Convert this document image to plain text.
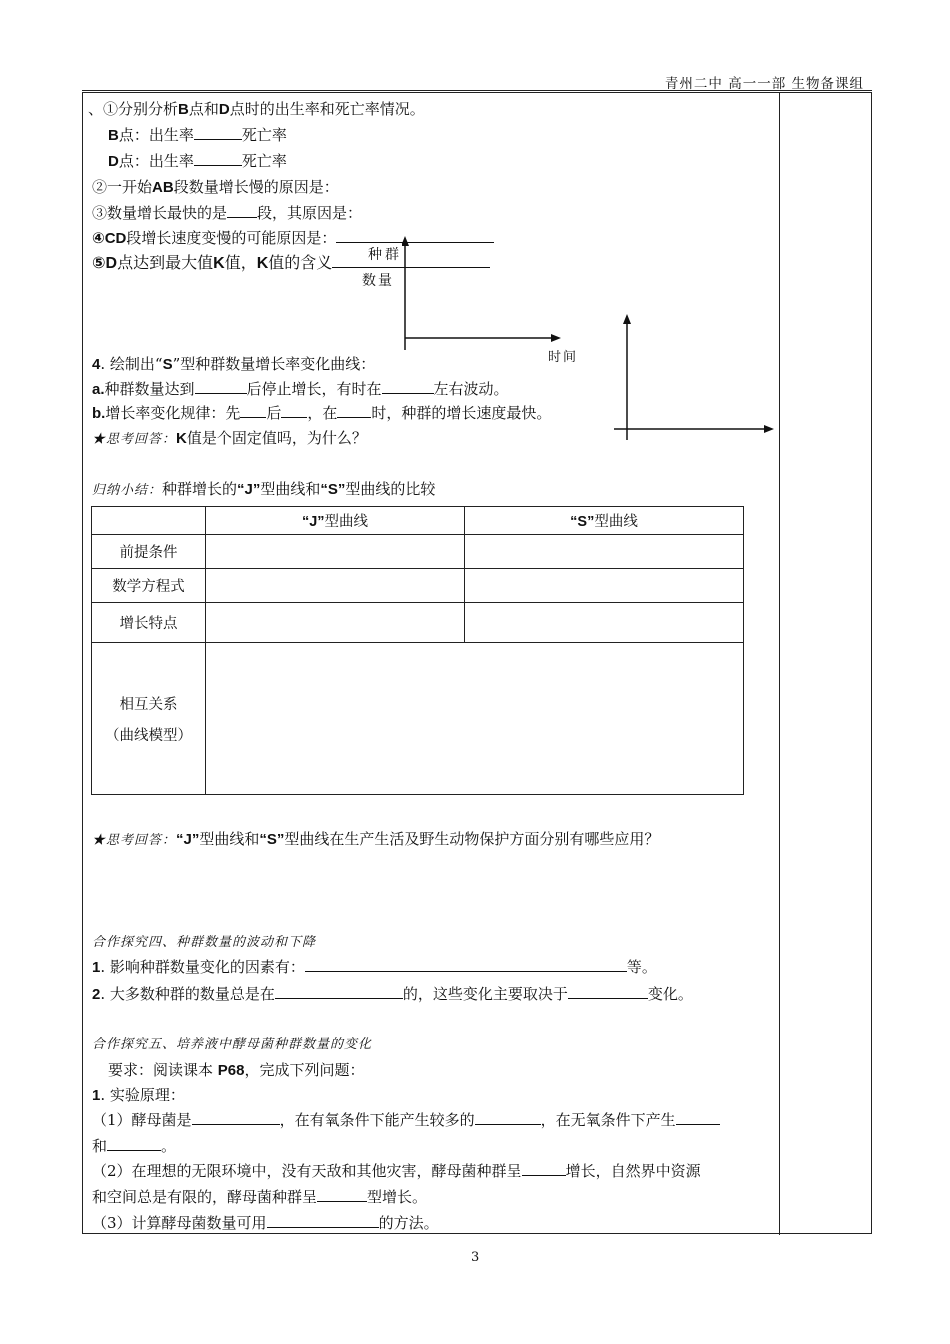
青州二中 高一一部 生物备课组
、①分别分析B点和D点时的出生率和死亡率情况。
B点：出生率	死亡率
D点：出生率	死亡率
②一开始AB段数量增长慢的原因是：
③数量增长最快的是 段，其原因是：
④CD段增长速度变慢的可能原因是：
⑤D点达到最大值K值，K值的含义	种群
数量
时间
4. 绘制出“S”型种群数量增长率变化曲线：
a.种群数量达到	后停止增长，有时在	左右波动。
b.增长率变化规律：先 后 ，在 时，种群的增长速度最快。
★思考回答：K值是个固定值吗，为什么？
归纳小结：种群增长的“J”型曲线和“S”型曲线的比较
	“J”型曲线	“S”型曲线
前提条件		
数学方程式		
增长特点		

相互关系
（曲线模型）		

★思考回答：“J”型曲线和“S”型曲线在生产生活及野生动物保护方面分别有哪些应用？
合作探究四、种群数量的波动和下降
1. 影响种群数量变化的因素有：	等。
2. 大多数种群的数量总是在	的，这些变化主要取决于	变化。
合作探究五、培养液中酵母菌种群数量的变化
要求：阅读课本 P68，完成下列问题：
1. 实验原理：
（1）酵母菌是	，在有氧条件下能产生较多的	，在无氧条件下产生
和	。
（2）在理想的无限环境中，没有天敌和其他灾害，酵母菌种群呈	增长，自然界中资源
和空间总是有限的，酵母菌种群呈	型增长。
（3）计算酵母菌数量可用	的方法。
3
